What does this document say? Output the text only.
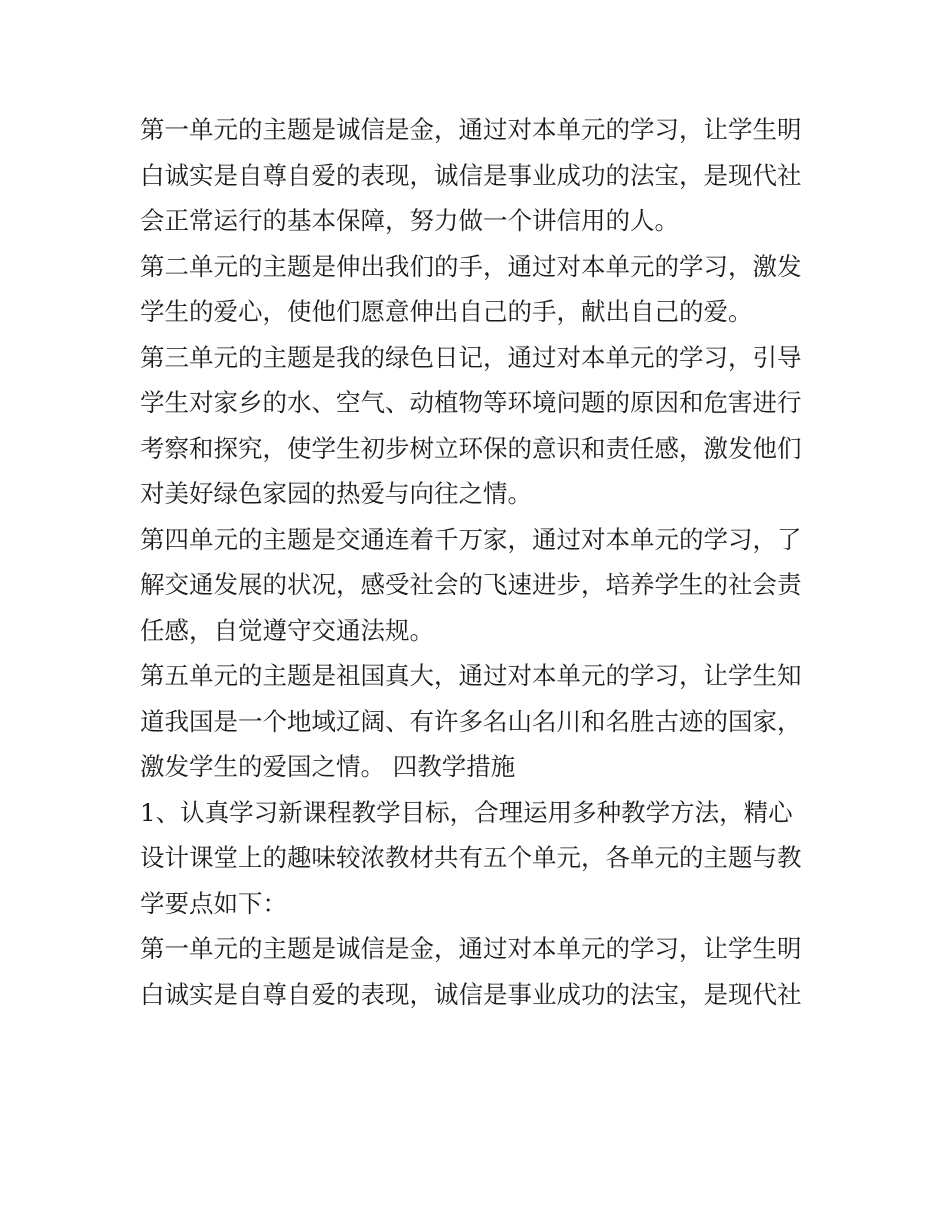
第一单元的主题是诚信是金，通过对本单元的学习，让学生明
白诚实是自尊自爱的表现，诚信是事业成功的法宝，是现代社
会正常运行的基本保障，努力做一个讲信用的人。

第二单元的主题是伸出我们的手，通过对本单元的学习，激发
学生的爱心，使他们愿意伸出自己的手，献出自己的爱。

第三单元的主题是我的绿色日记，通过对本单元的学习，引导
学生对家乡的水、空气、动植物等环境问题的原因和危害进行
考察和探究，使学生初步树立环保的意识和责任感，激发他们
对美好绿色家园的热爱与向往之情。

第四单元的主题是交通连着千万家，通过对本单元的学习，了
解交通发展的状况，感受社会的飞速进步，培养学生的社会责
任感，自觉遵守交通法规。

第五单元的主题是祖国真大，通过对本单元的学习，让学生知
道我国是一个地域辽阔、有许多名山名川和名胜古迹的国家，
激发学生的爱国之情。 四教学措施

1、认真学习新课程教学目标，合理运用多种教学方法，精心
设计课堂上的趣味较浓教材共有五个单元，各单元的主题与教
学要点如下：

第一单元的主题是诚信是金，通过对本单元的学习，让学生明
白诚实是自尊自爱的表现，诚信是事业成功的法宝，是现代社
